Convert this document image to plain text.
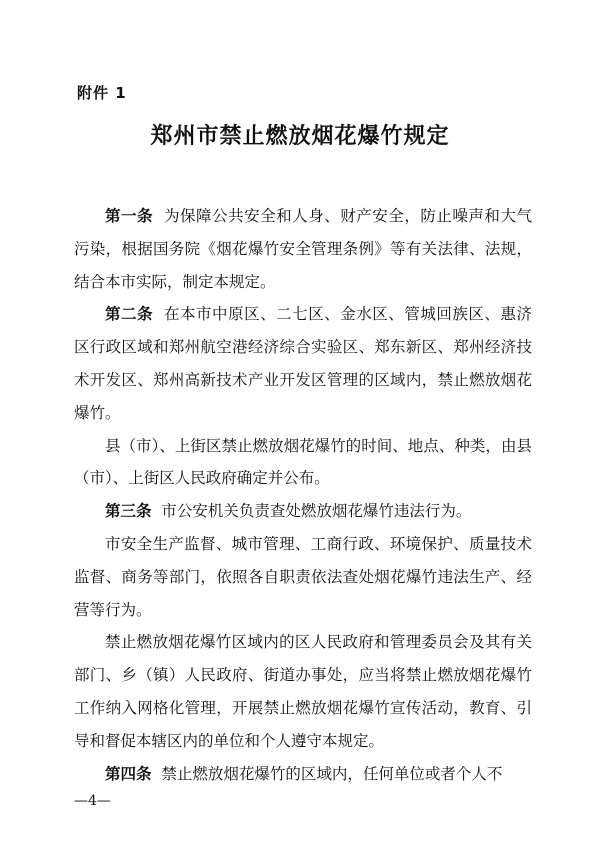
附件 1
郑州市禁止燃放烟花爆竹规定

第一条 为保障公共安全和人身、财产安全，防止噪声和大气污染，根据国务院《烟花爆竹安全管理条例》等有关法律、法规，结合本市实际，制定本规定。

第二条 在本市中原区、二七区、金水区、管城回族区、惠济区行政区域和郑州航空港经济综合实验区、郑东新区、郑州经济技术开发区、郑州高新技术产业开发区管理的区域内，禁止燃放烟花爆竹。

县（市）、上街区禁止燃放烟花爆竹的时间、地点、种类，由县（市）、上街区人民政府确定并公布。

第三条 市公安机关负责查处燃放烟花爆竹违法行为。

市安全生产监督、城市管理、工商行政、环境保护、质量技术监督、商务等部门，依照各自职责依法查处烟花爆竹违法生产、经营等行为。

禁止燃放烟花爆竹区域内的区人民政府和管理委员会及其有关部门、乡（镇）人民政府、街道办事处，应当将禁止燃放烟花爆竹工作纳入网格化管理，开展禁止燃放烟花爆竹宣传活动，教育、引导和督促本辖区内的单位和个人遵守本规定。

第四条 禁止燃放烟花爆竹的区域内，任何单位或者个人不

—4—
